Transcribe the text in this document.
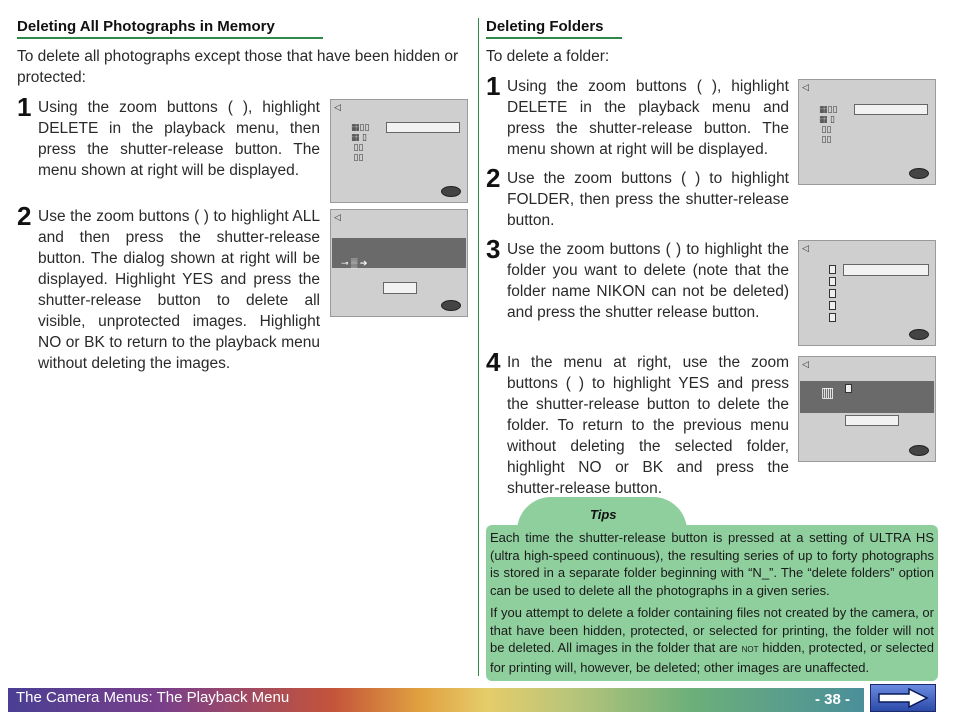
Deleting All Photographs in Memory
To delete all photographs except those that have been hidden or protected:
1 Using the zoom buttons ( ), highlight DELETE in the playback menu, then press the shutter-release button. The menu shown at right will be displayed.
2 Use the zoom buttons ( ) to highlight ALL and then press the shutter-release button. The dialog shown at right will be displayed. Highlight YES and press the shutter-release button to delete all visible, unprotected images. Highlight NO or BK to return to the playback menu without deleting the images.
◁
▦▯▯
▦ ▯
▯▯
▯▯
◁
⊸ ▒ ➔
Deleting Folders
To delete a folder:
1 Using the zoom buttons ( ), highlight DELETE in the playback menu and press the shutter-release button. The menu shown at right will be displayed.
2 Use the zoom buttons ( ) to highlight FOLDER, then press the shutter-release button.
3 Use the zoom buttons ( ) to highlight the folder you want to delete (note that the folder name NIKON can not be deleted) and press the shutter release button.
4 In the menu at right, use the zoom buttons ( ) to highlight YES and press the shutter-release button to delete the folder. To return to the previous menu without deleting the selected folder, highlight NO or BK and press the shutter-release button.
◁
▦▯▯
▦ ▯
▯▯
▯▯
◁
◁
▥
Tips

Each time the shutter-release button is pressed at a setting of ULTRA HS (ultra high-speed continuous), the resulting series of up to forty photographs is stored in a separate folder beginning with “N_”. The “delete folders” option can be used to delete all the photographs in a given series.

If you attempt to delete a folder containing files not created by the camera, or that have been hidden, protected, or selected for printing, the folder will not be deleted. All images in the folder that are not hidden, protected, or selected for printing will, however, be deleted; other images are unaffected.

The Camera Menus: The Playback Menu	- 38 -
